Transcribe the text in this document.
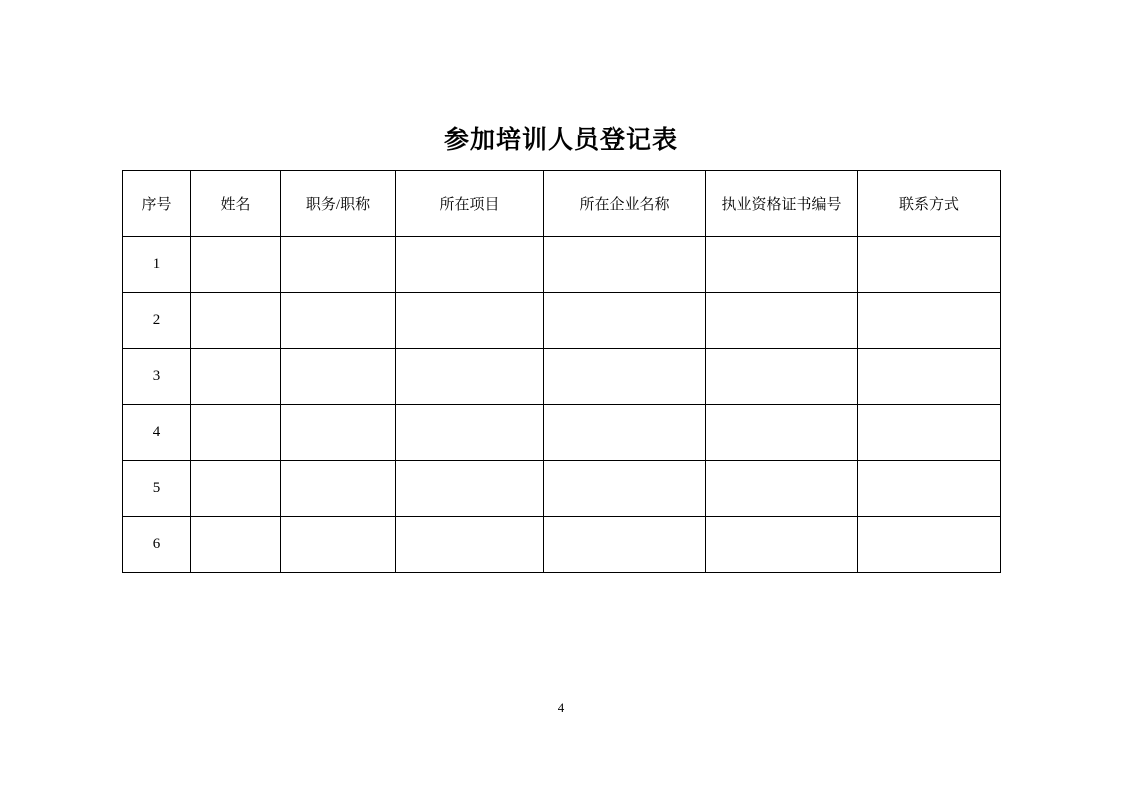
参加培训人员登记表
序号	姓名	职务/职称	所在项目	所在企业名称	执业资格证书编号	联系方式
1						
2						
3						
4						
5						
6						
4
